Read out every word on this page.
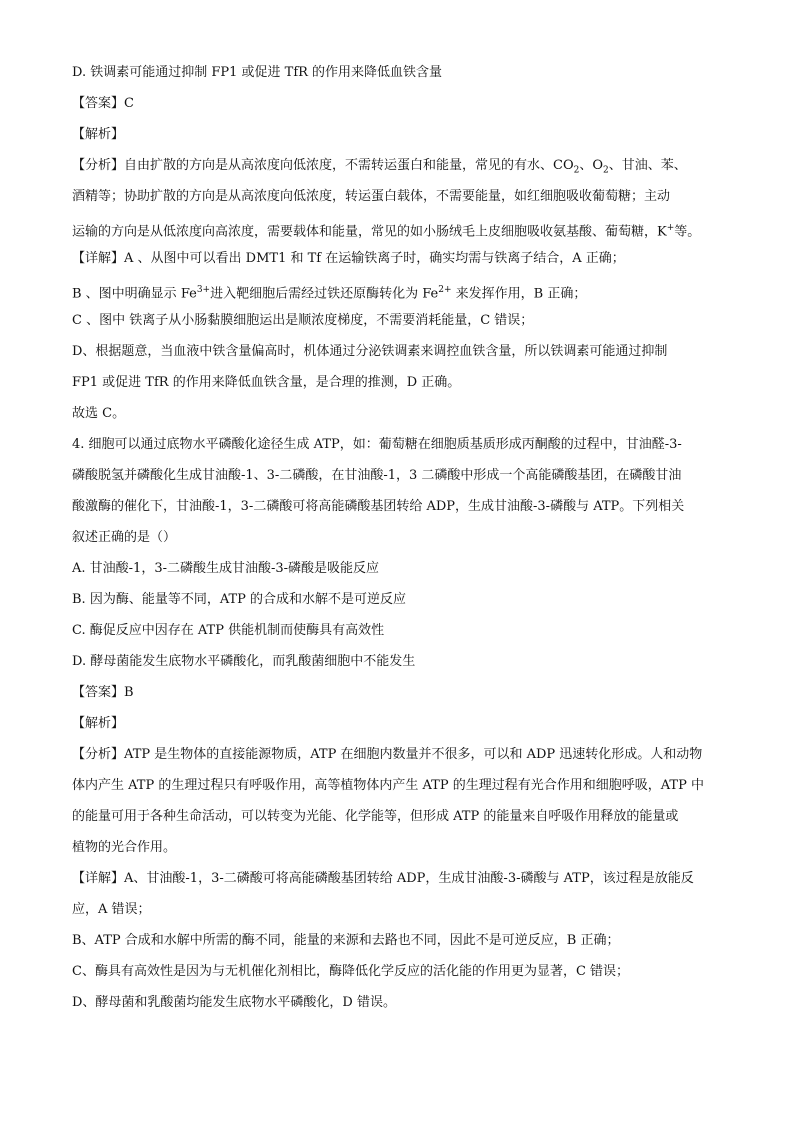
D. 铁调素可能通过抑制 FP1 或促进 TfR 的作用来降低血铁含量
【答案】C
【解析】
【分析】自由扩散的方向是从高浓度向低浓度，不需转运蛋白和能量，常见的有水、$CO_2$、$O_2$、甘油、苯、
酒精等；协助扩散的方向是从高浓度向低浓度，转运蛋白载体，不需要能量，如红细胞吸收葡萄糖；主动
运输的方向是从低浓度向高浓度，需要载体和能量，常见的如小肠绒毛上皮细胞吸收氨基酸、葡萄糖，K+等。
【详解】A 、从图中可以看出 DMT1 和 Tf 在运输铁离子时，确实均需与铁离子结合，A 正确；
B 、图中明确显示 $Fe^{3+}$进入靶细胞后需经过铁还原酶转化为 $Fe^{2+}$ 来发挥作用，B 正确；
C 、图中 铁离子从小肠黏膜细胞运出是顺浓度梯度，不需要消耗能量，C 错误；
D、根据题意，当血液中铁含量偏高时，机体通过分泌铁调素来调控血铁含量，所以铁调素可能通过抑制
FP1 或促进 TfR 的作用来降低血铁含量，是合理的推测，D 正确。
故选 C。
4. 细胞可以通过底物水平磷酸化途径生成 ATP，如：葡萄糖在细胞质基质形成丙酮酸的过程中，甘油醛-3-
磷酸脱氢并磷酸化生成甘油酸-1、3-二磷酸，在甘油酸-1，3 二磷酸中形成一个高能磷酸基团，在磷酸甘油
酸激酶的催化下，甘油酸-1，3-二磷酸可将高能磷酸基团转给 ADP，生成甘油酸-3-磷酸与 ATP。下列相关
叙述正确的是（）
A. 甘油酸-1，3-二磷酸生成甘油酸-3-磷酸是吸能反应
B. 因为酶、能量等不同，ATP 的合成和水解不是可逆反应
C. 酶促反应中因存在 ATP 供能机制而使酶具有高效性
D. 酵母菌能发生底物水平磷酸化，而乳酸菌细胞中不能发生
【答案】B
【解析】
【分析】ATP 是生物体的直接能源物质，ATP 在细胞内数量并不很多，可以和 ADP 迅速转化形成。人和动物
体内产生 ATP 的生理过程只有呼吸作用，高等植物体内产生 ATP 的生理过程有光合作用和细胞呼吸，ATP 中
的能量可用于各种生命活动，可以转变为光能、化学能等，但形成 ATP 的能量来自呼吸作用释放的能量或
植物的光合作用。
【详解】A、甘油酸-1，3-二磷酸可将高能磷酸基团转给 ADP，生成甘油酸-3-磷酸与 ATP，该过程是放能反
应，A 错误；
B、ATP 合成和水解中所需的酶不同，能量的来源和去路也不同，因此不是可逆反应，B 正确；
C、酶具有高效性是因为与无机催化剂相比，酶降低化学反应的活化能的作用更为显著，C 错误；
D、酵母菌和乳酸菌均能发生底物水平磷酸化，D 错误。
